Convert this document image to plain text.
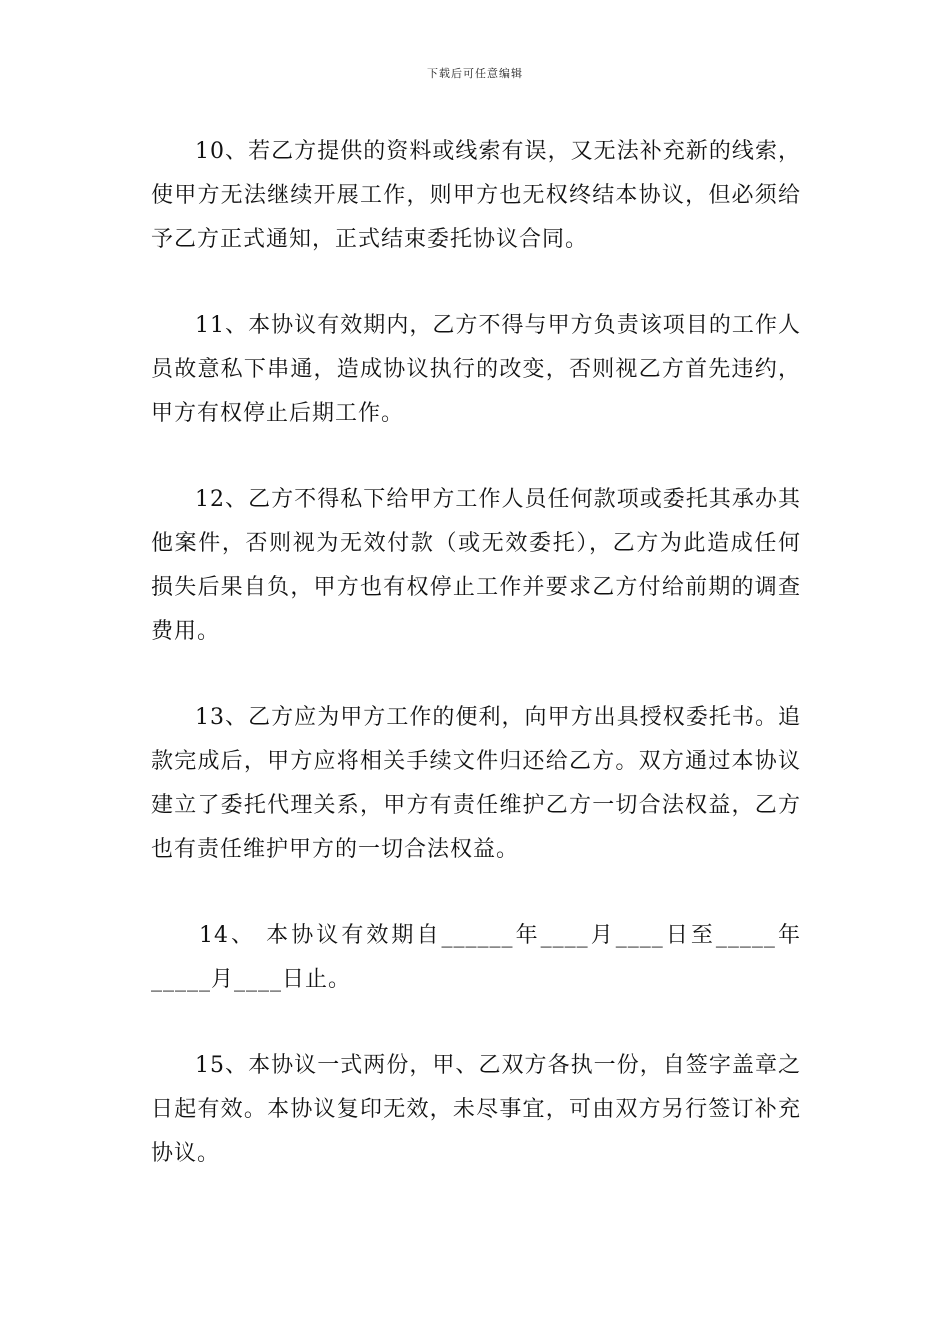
下载后可任意编辑

10、若乙方提供的资料或线索有误，又无法补充新的线索，使甲方无法继续开展工作，则甲方也无权终结本协议，但必须给予乙方正式通知，正式结束委托协议合同。

11、本协议有效期内，乙方不得与甲方负责该项目的工作人员故意私下串通，造成协议执行的改变，否则视乙方首先违约，甲方有权停止后期工作。

12、乙方不得私下给甲方工作人员任何款项或委托其承办其他案件，否则视为无效付款（或无效委托），乙方为此造成任何损失后果自负，甲方也有权停止工作并要求乙方付给前期的调查费用。

13、乙方应为甲方工作的便利，向甲方出具授权委托书。追款完成后，甲方应将相关手续文件归还给乙方。双方通过本协议建立了委托代理关系，甲方有责任维护乙方一切合法权益，乙方也有责任维护甲方的一切合法权益。

14、 本协议有效期自______年____月____日至_____年_____月____日止。

15、本协议一式两份，甲、乙双方各执一份，自签字盖章之日起有效。本协议复印无效，未尽事宜，可由双方另行签订补充协议。
